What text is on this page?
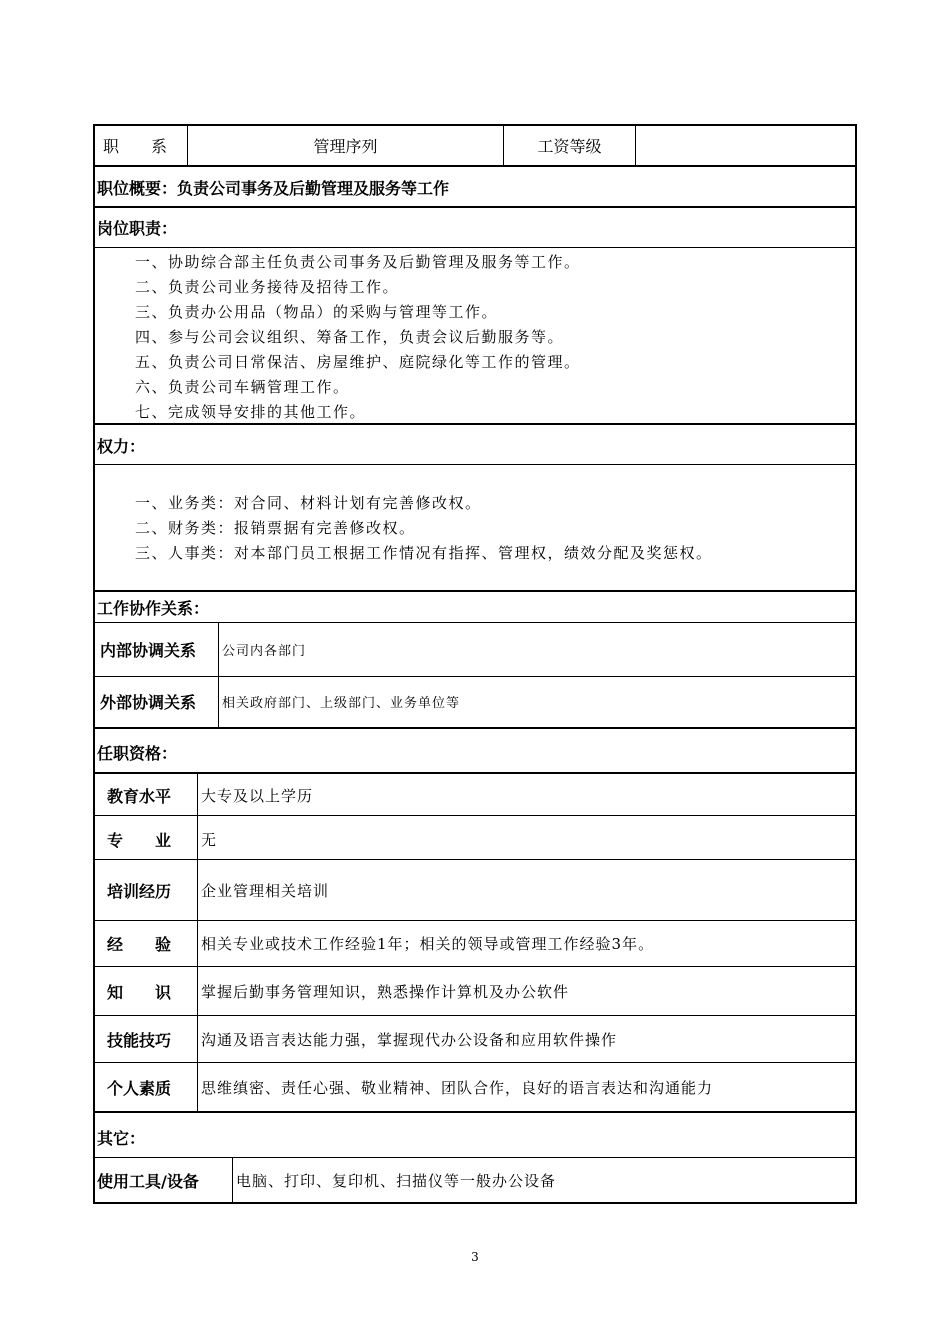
职　　系	管理序列	工资等级
职位概要：负责公司事务及后勤管理及服务等工作
岗位职责：
一、协助综合部主任负责公司事务及后勤管理及服务等工作。
二、负责公司业务接待及招待工作。
三、负责办公用品（物品）的采购与管理等工作。
四、参与公司会议组织、筹备工作，负责会议后勤服务等。
五、负责公司日常保洁、房屋维护、庭院绿化等工作的管理。
六、负责公司车辆管理工作。
七、完成领导安排的其他工作。
权力：
一、业务类：对合同、材料计划有完善修改权。
二、财务类：报销票据有完善修改权。
三、人事类：对本部门员工根据工作情况有指挥、管理权，绩效分配及奖惩权。
工作协作关系：
内部协调关系 公司内各部门
外部协调关系 相关政府部门、上级部门、业务单位等
任职资格：
教育水平	大专及以上学历
专　　业	无
培训经历	企业管理相关培训
经　　验	相关专业或技术工作经验1年；相关的领导或管理工作经验3年。
知　　识	掌握后勤事务管理知识，熟悉操作计算机及办公软件
技能技巧	沟通及语言表达能力强，掌握现代办公设备和应用软件操作
个人素质	思维缜密、责任心强、敬业精神、团队合作，良好的语言表达和沟通能力
其它：
使用工具/设备 电脑、打印、复印机、扫描仪等一般办公设备
3
